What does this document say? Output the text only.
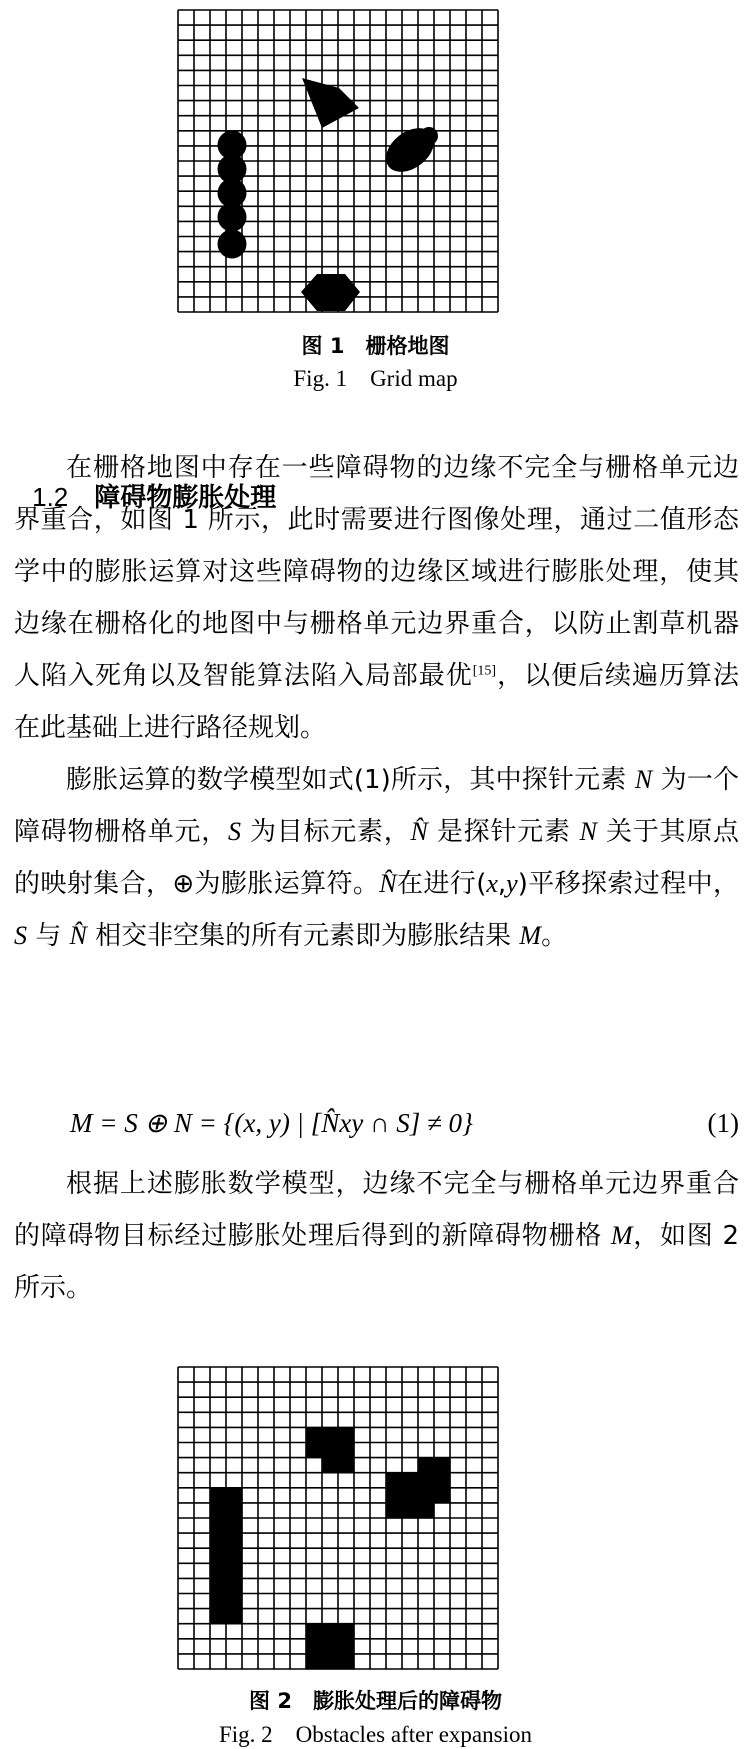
图 1　栅格地图
Fig. 1　Grid map

1.2 障碍物膨胀处理

在栅格地图中存在一些障碍物的边缘不完全与栅格单元边界重合，如图 1 所示，此时需要进行图像处理，通过二值形态学中的膨胀运算对这些障碍物的边缘区域进行膨胀处理，使其边缘在栅格化的地图中与栅格单元边界重合，以防止割草机器人陷入死角以及智能算法陷入局部最优[15]，以便后续遍历算法在此基础上进行路径规划。
膨胀运算的数学模型如式(1)所示，其中探针元素 N 为一个障碍物栅格单元，S 为目标元素，N̂ 是探针元素 N 关于其原点的映射集合，⊕为膨胀运算符。N̂在进行(x,y)平移探索过程中，S 与 N̂ 相交非空集的所有元素即为膨胀结果 M。
M = S ⊕ N = {(x, y) | [N̂xy ∩ S] ≠ 0}	(1)
根据上述膨胀数学模型，边缘不完全与栅格单元边界重合的障碍物目标经过膨胀处理后得到的新障碍物栅格 M，如图 2 所示。
图 2　膨胀处理后的障碍物
Fig. 2　Obstacles after expansion
